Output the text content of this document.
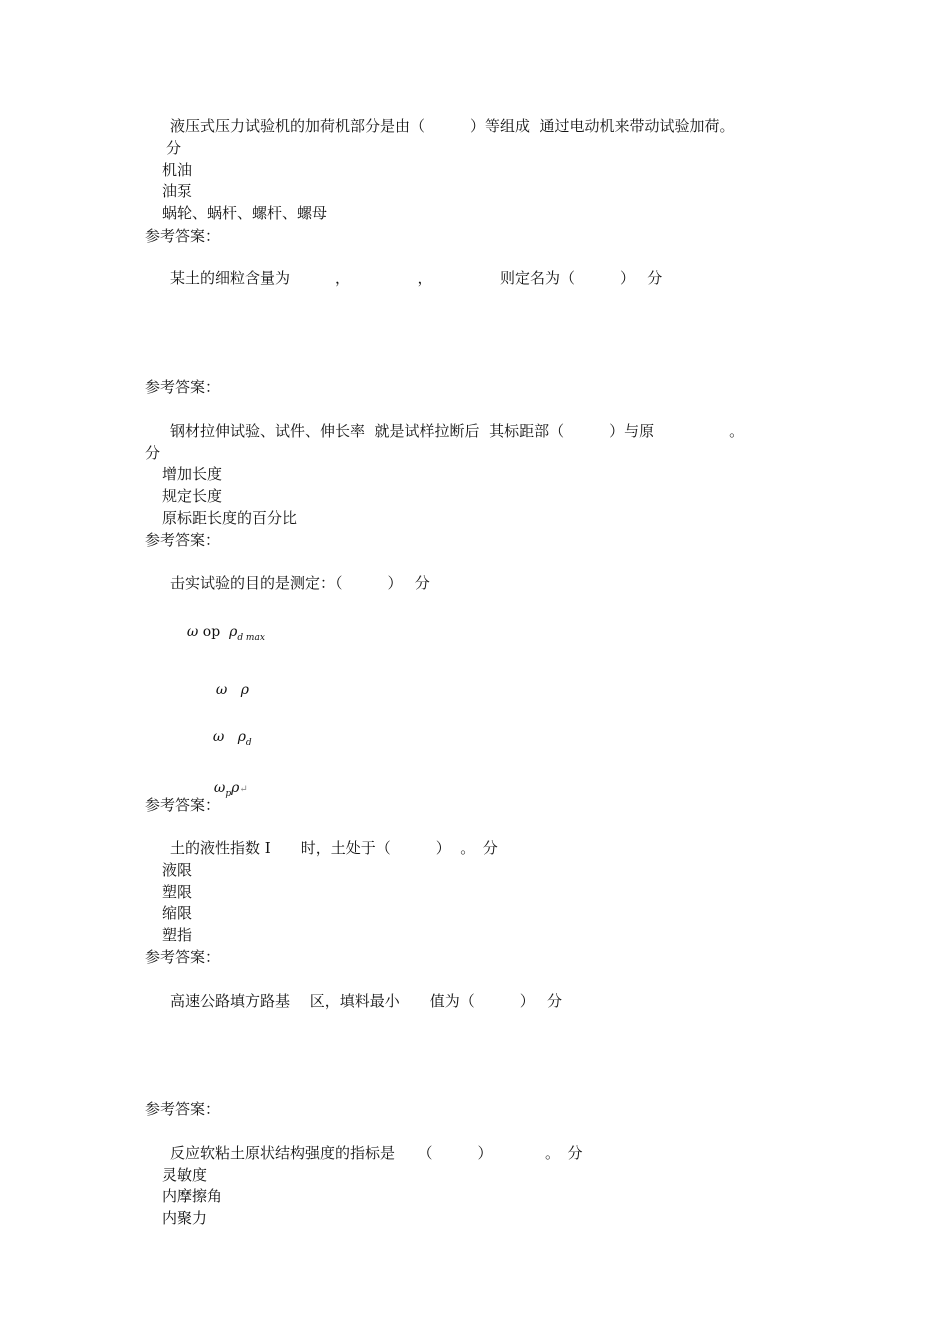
液压式压力试验机的加荷机部分是由（　　　）等组成  通过电动机来带动试验加荷。
分
机油
油泵
蜗轮、蜗杆、螺杆、螺母
参考答案：
某土的细粒含量为　　　，　　　　　，　　　　　则定名为（　　　）　 分
参考答案：
钢材拉伸试验、试件、伸长率  就是试样拉断后  其标距部（　　　）与原　　　　　。
分
增加长度
规定长度
原标距长度的百分比
参考答案：
击实试验的目的是测定：（　　　）　 分

ω op  $\rho_{d max}$

ω ρ

ω $\rho_d$

$\omega_p\rho↵$

参考答案：
土的液性指数 I　　时，土处于（　　　）  。　分
液限
塑限
缩限
塑指
参考答案：
高速公路填方路基　 区，填料最小　　值为（　　　）　 分
参考答案：
反应软粘土原状结构强度的指标是　　（　　　）　　　　。　分
灵敏度
内摩擦角
内聚力
